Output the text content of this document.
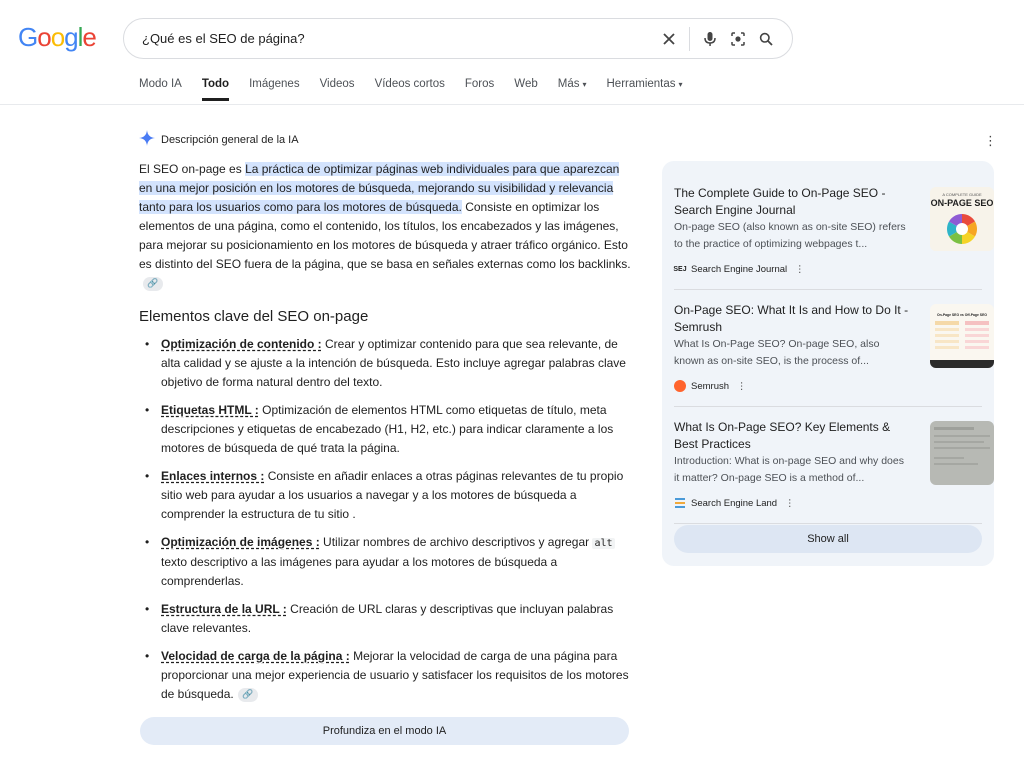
Google
¿Qué es el SEO de página?
Modo IA Todo Imágenes Videos Vídeos cortos Foros Web Más ▾ Herramientas ▾
Descripción general de la IA	⋮

El SEO on-page es La práctica de optimizar páginas web individuales para que aparezcan en una mejor posición en los motores de búsqueda, mejorando su visibilidad y relevancia tanto para los usuarios como para los motores de búsqueda. Consiste en optimizar los elementos de una página, como el contenido, los títulos, los encabezados y las imágenes, para mejorar su posicionamiento en los motores de búsqueda y atraer tráfico orgánico. Esto es distinto del SEO fuera de la página, que se basa en señales externas como los backlinks.🔗

Elementos clave del SEO on-page
• Optimización de contenido : Crear y optimizar contenido para que sea relevante, de alta calidad y se ajuste a la intención de búsqueda. Esto incluye agregar palabras clave objetivo de forma natural dentro del texto.
• Etiquetas HTML : Optimización de elementos HTML como etiquetas de título, meta descripciones y etiquetas de encabezado (H1, H2, etc.) para indicar claramente a los motores de búsqueda de qué trata la página.
• Enlaces internos : Consiste en añadir enlaces a otras páginas relevantes de tu propio sitio web para ayudar a los usuarios a navegar y a los motores de búsqueda a comprender la estructura de tu sitio .
• Optimización de imágenes : Utilizar nombres de archivo descriptivos y agregar alt texto descriptivo a las imágenes para ayudar a los motores de búsqueda a comprenderlas.
• Estructura de la URL : Creación de URL claras y descriptivas que incluyan palabras clave relevantes.
• Velocidad de carga de la página : Mejorar la velocidad de carga de una página para proporcionar una mejor experiencia de usuario y satisfacer los requisitos de los motores de búsqueda. 🔗
Profundiza en el modo IA
The Complete Guide to On-Page SEO - Search Engine Journal
On-page SEO (also known as on-site SEO) refers to the practice of optimizing webpages t...
SEJ Search Engine Journal ⋮
A COMPLETE GUIDE
ON-PAGE SEO
On-Page SEO: What It Is and How to Do It - Semrush
What Is On-Page SEO? On-page SEO, also known as on-site SEO, is the process of...
Semrush ⋮
On-Page SEO vs Off-Page SEO
What Is On-Page SEO? Key Elements & Best Practices
Introduction: What is on-page SEO and why does it matter? On-page SEO is a method of...
Search Engine Land ⋮
Show all
